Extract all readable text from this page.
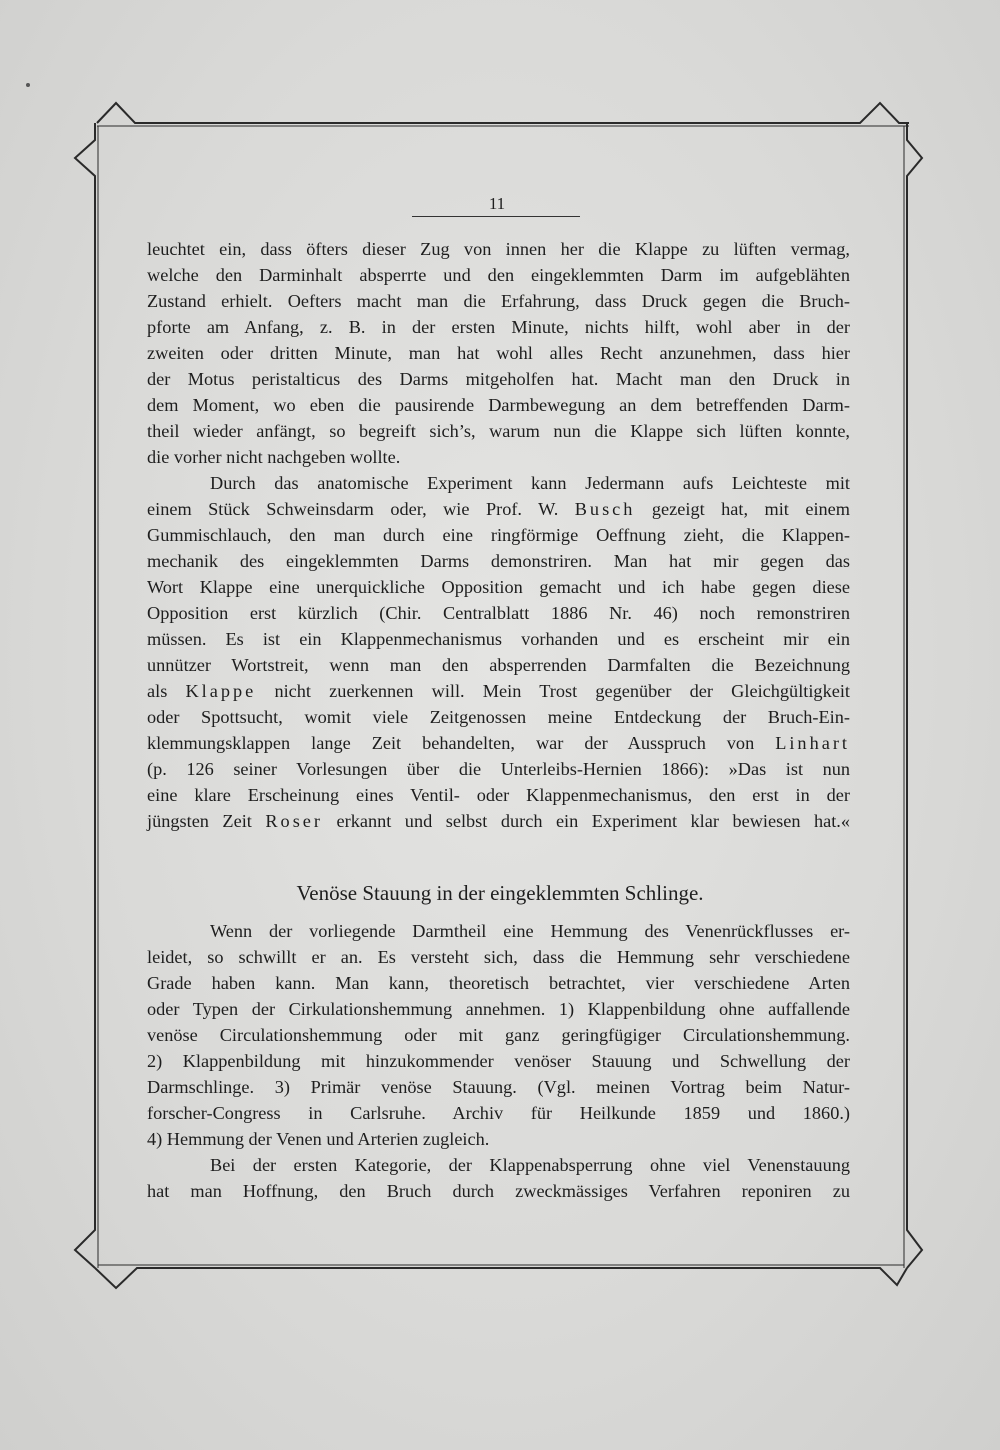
11
leuchtet ein, dass öfters dieser Zug von innen her die Klappe zu lüften vermag,
welche den Darminhalt absperrte und den eingeklemmten Darm im aufgeblähten
Zustand erhielt. Oefters macht man die Erfahrung, dass Druck gegen die Bruch-
pforte am Anfang, z. B. in der ersten Minute, nichts hilft, wohl aber in der
zweiten oder dritten Minute, man hat wohl alles Recht anzunehmen, dass hier
der Motus peristalticus des Darms mitgeholfen hat. Macht man den Druck in
dem Moment, wo eben die pausirende Darmbewegung an dem betreffenden Darm-
theil wieder anfängt, so begreift sich’s, warum nun die Klappe sich lüften konnte,
die vorher nicht nachgeben wollte.
Durch das anatomische Experiment kann Jedermann aufs Leichteste mit
einem Stück Schweinsdarm oder, wie Prof. W. Busch gezeigt hat, mit einem
Gummischlauch, den man durch eine ringförmige Oeffnung zieht, die Klappen-
mechanik des eingeklemmten Darms demonstriren. Man hat mir gegen das
Wort Klappe eine unerquickliche Opposition gemacht und ich habe gegen diese
Opposition erst kürzlich (Chir. Centralblatt 1886 Nr. 46) noch remonstriren
müssen. Es ist ein Klappenmechanismus vorhanden und es erscheint mir ein
unnützer Wortstreit, wenn man den absperrenden Darmfalten die Bezeichnung
als Klappe nicht zuerkennen will. Mein Trost gegenüber der Gleichgültigkeit
oder Spottsucht, womit viele Zeitgenossen meine Entdeckung der Bruch-Ein-
klemmungsklappen lange Zeit behandelten, war der Ausspruch von Linhart
(p. 126 seiner Vorlesungen über die Unterleibs-Hernien 1866): »Das ist nun
eine klare Erscheinung eines Ventil- oder Klappenmechanismus, den erst in der
jüngsten Zeit Roser erkannt und selbst durch ein Experiment klar bewiesen hat.«
Venöse Stauung in der eingeklemmten Schlinge.
Wenn der vorliegende Darmtheil eine Hemmung des Venenrückflusses er-
leidet, so schwillt er an. Es versteht sich, dass die Hemmung sehr verschiedene
Grade haben kann. Man kann, theoretisch betrachtet, vier verschiedene Arten
oder Typen der Cirkulationshemmung annehmen. 1) Klappenbildung ohne auffallende
venöse Circulationshemmung oder mit ganz geringfügiger Circulationshemmung.
2) Klappenbildung mit hinzukommender venöser Stauung und Schwellung der
Darmschlinge. 3) Primär venöse Stauung. (Vgl. meinen Vortrag beim Natur-
forscher-Congress in Carlsruhe. Archiv für Heilkunde 1859 und 1860.)
4) Hemmung der Venen und Arterien zugleich.
Bei der ersten Kategorie, der Klappenabsperrung ohne viel Venenstauung
hat man Hoffnung, den Bruch durch zweckmässiges Verfahren reponiren zu
